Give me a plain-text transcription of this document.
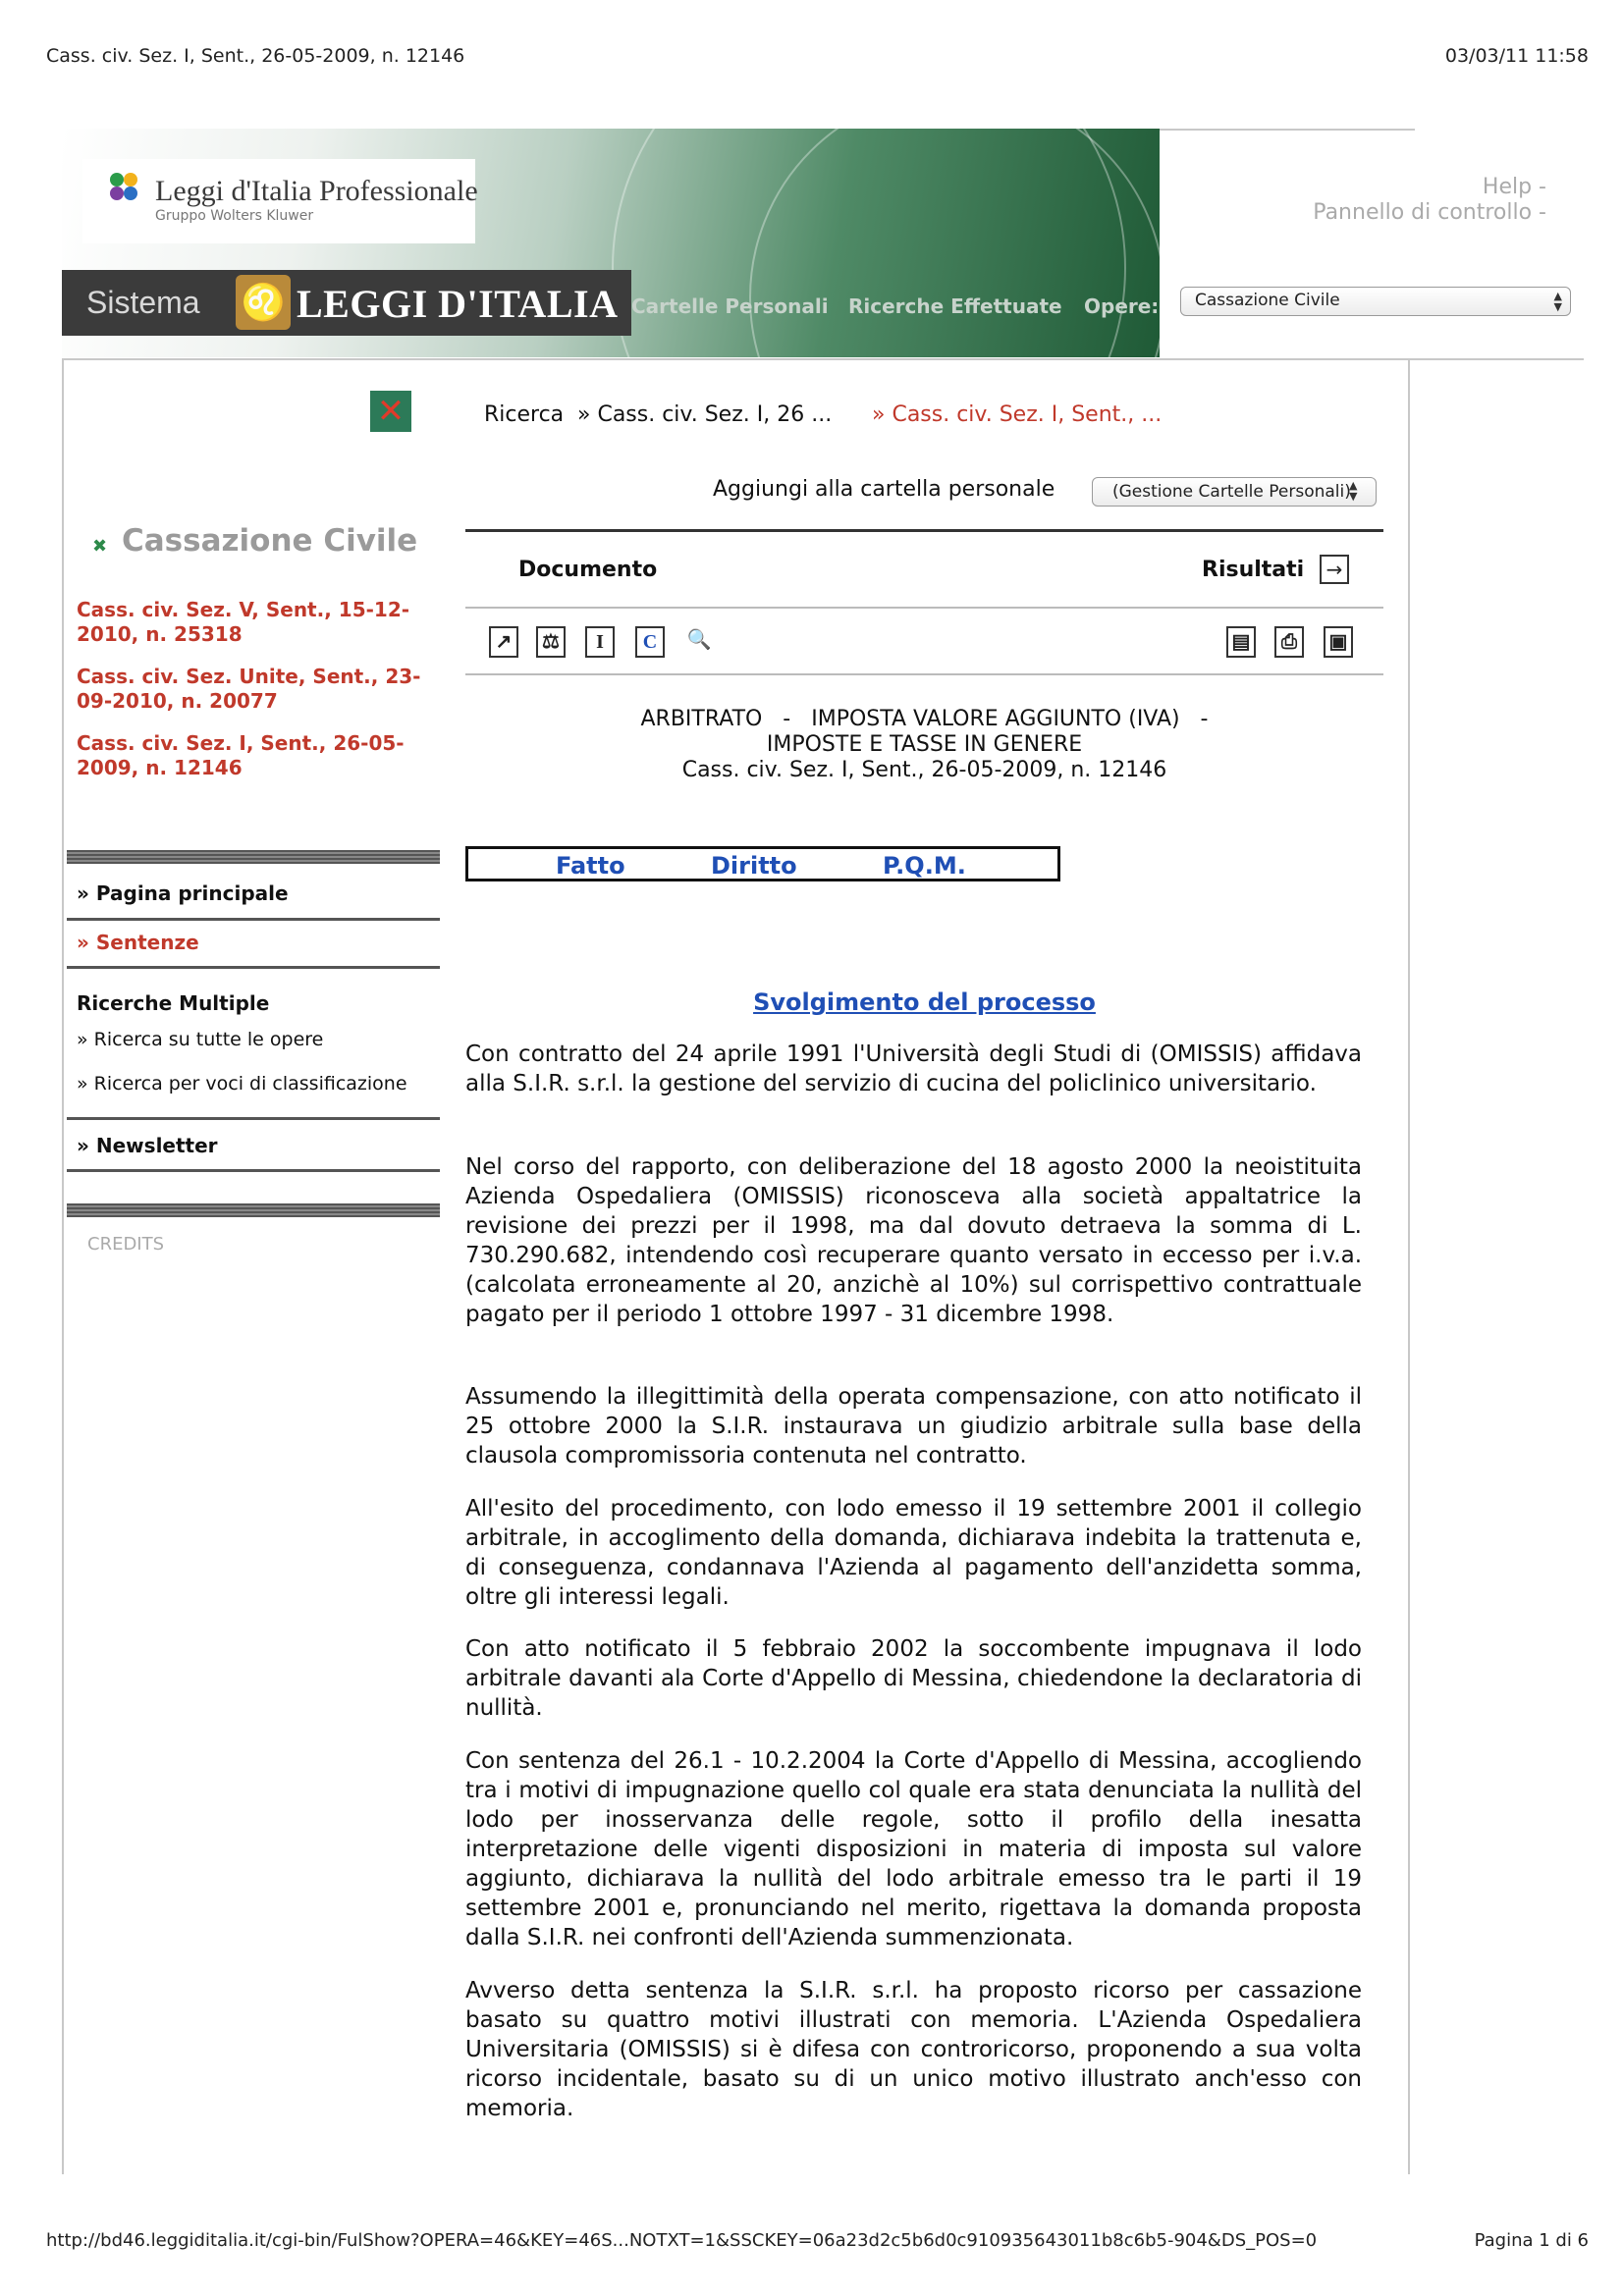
Cass. civ. Sez. I, Sent., 26-05-2009, n. 12146	03/03/11 11:58
Leggi d'Italia Professionale
Gruppo Wolters Kluwer
Sistema ♌ LEGGI D'ITALIA Cartelle Personali Ricerche Effettuate Opere:	Cassazione Civile	▲
▼
Help -
Pannello di controllo -
✕
✖ Cassazione Civile
Cass. civ. Sez. V, Sent., 15-12-2010, n. 25318
Cass. civ. Sez. Unite, Sent., 23-09-2010, n. 20077
Cass. civ. Sez. I, Sent., 26-05-2009, n. 12146
» Pagina principale
» Sentenze
Ricerche Multiple
» Ricerca su tutte le opere
» Ricerca per voci di classificazione
» Newsletter
CREDITS
Ricerca » Cass. civ. Sez. I, 26 ... » Cass. civ. Sez. I, Sent., ...
Aggiungi alla cartella personale	(Gestione Cartelle Personali)
▲
▼
Documento	Risultati	→
↗	⚖	I	C	🔍	▤	⎙	▣
ARBITRATO   -   IMPOSTA VALORE AGGIUNTO (IVA)   -
IMPOSTE E TASSE IN GENERE
Cass. civ. Sez. I, Sent., 26-05-2009, n. 12146
Fatto	Diritto	P.Q.M.
Svolgimento del processo
Con contratto del 24 aprile 1991 l'Università degli Studi di (OMISSIS) affidava alla S.I.R. s.r.l. la gestione del servizio di cucina del policlinico universitario.
Nel corso del rapporto, con deliberazione del 18 agosto 2000 la neoistituita Azienda Ospedaliera (OMISSIS) riconosceva alla società appaltatrice la revisione dei prezzi per il 1998, ma dal dovuto detraeva la somma di L. 730.290.682, intendendo così recuperare quanto versato in eccesso per i.v.a. (calcolata erroneamente al 20, anzichè al 10%) sul corrispettivo contrattuale pagato per il periodo 1 ottobre 1997 - 31 dicembre 1998.
Assumendo la illegittimità della operata compensazione, con atto notificato il 25 ottobre 2000 la S.I.R. instaurava un giudizio arbitrale sulla base della clausola compromissoria contenuta nel contratto.
All'esito del procedimento, con lodo emesso il 19 settembre 2001 il collegio arbitrale, in accoglimento della domanda, dichiarava indebita la trattenuta e, di conseguenza, condannava l'Azienda al pagamento dell'anzidetta somma, oltre gli interessi legali.
Con atto notificato il 5 febbraio 2002 la soccombente impugnava il lodo arbitrale davanti ala Corte d'Appello di Messina, chiedendone la declaratoria di nullità.
Con sentenza del 26.1 - 10.2.2004 la Corte d'Appello di Messina, accogliendo tra i motivi di impugnazione quello col quale era stata denunciata la nullità del lodo per inosservanza delle regole, sotto il profilo della inesatta interpretazione delle vigenti disposizioni in materia di imposta sul valore aggiunto, dichiarava la nullità del lodo arbitrale emesso tra le parti il 19 settembre 2001 e, pronunciando nel merito, rigettava la domanda proposta dalla S.I.R. nei confronti dell'Azienda summenzionata.
Avverso detta sentenza la S.I.R. s.r.l. ha proposto ricorso per cassazione basato su quattro motivi illustrati con memoria. L'Azienda Ospedaliera Universitaria (OMISSIS) si è difesa con controricorso, proponendo a sua volta ricorso incidentale, basato su di un unico motivo illustrato anch'esso con memoria.
http://bd46.leggiditalia.it/cgi-bin/FulShow?OPERA=46&KEY=46S...NOTXT=1&SSCKEY=06a23d2c5b6d0c910935643011b8c6b5-904&DS_POS=0	Pagina 1 di 6
